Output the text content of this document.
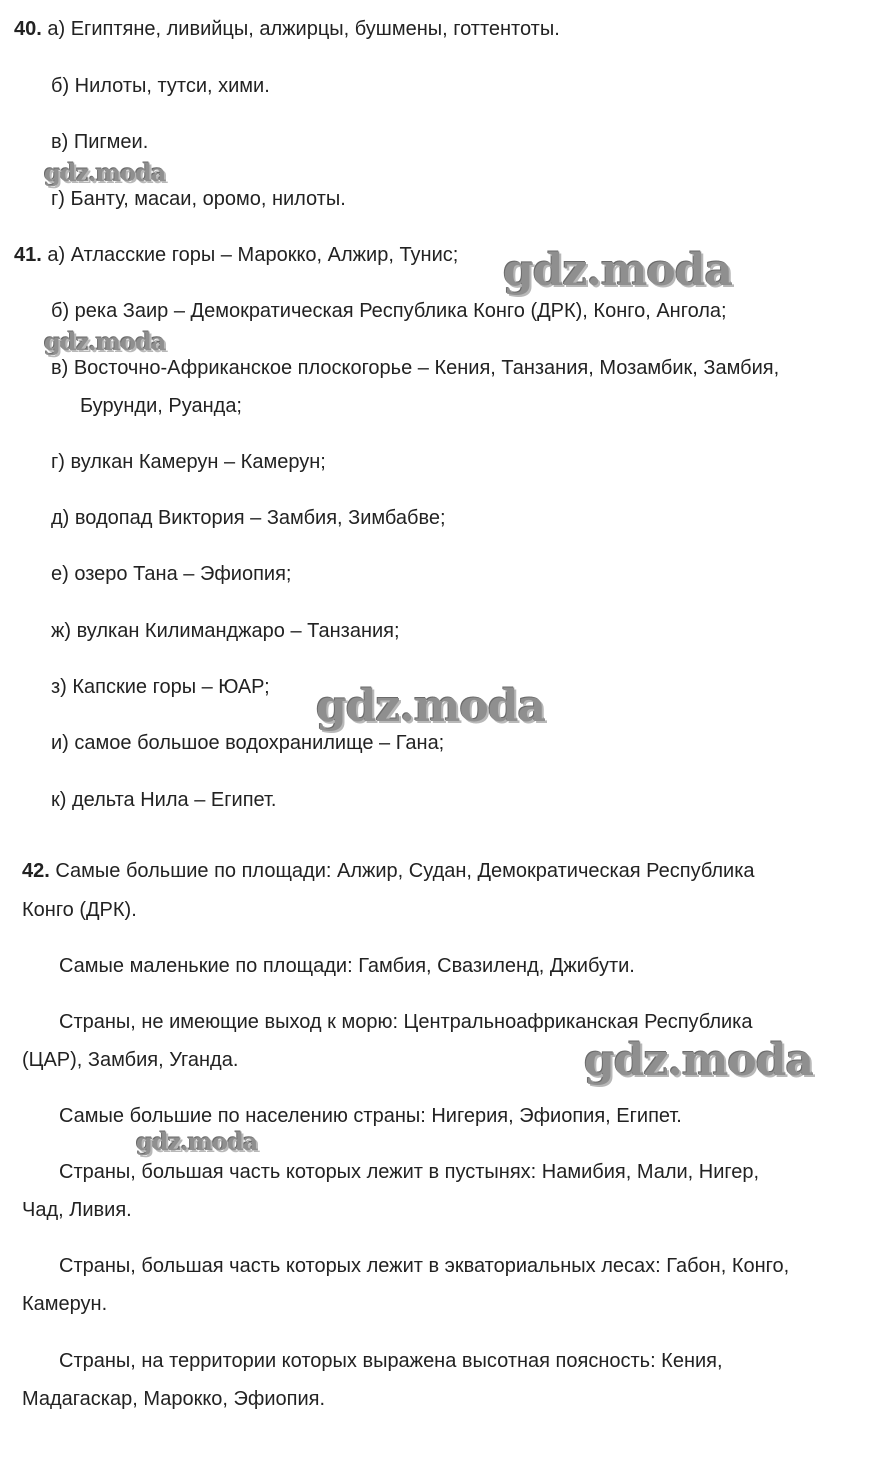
40. а) Египтяне, ливийцы, алжирцы, бушмены, готтентоты.
б) Нилоты, тутси, хими.
в) Пигмеи.
г) Банту, масаи, оромо, нилоты.
41. а) Атласские горы – Марокко, Алжир, Тунис;
б) река Заир – Демократическая Республика Конго (ДРК), Конго, Ангола;
в) Восточно-Африканское плоскогорье – Кения, Танзания, Мозамбик, Замбия,
Бурунди, Руанда;
г) вулкан Камерун – Камерун;
д) водопад Виктория – Замбия, Зимбабве;
е) озеро Тана – Эфиопия;
ж) вулкан Килиманджаро – Танзания;
з) Капские горы – ЮАР;
и) самое большое водохранилище – Гана;
к) дельта Нила – Египет.
42. Самые большие по площади: Алжир, Судан, Демократическая Республика
Конго (ДРК).
Самые маленькие по площади: Гамбия, Свазиленд, Джибути.
Страны, не имеющие выход к морю: Центральноафриканская Республика
(ЦАР), Замбия, Уганда.
Самые большие по населению страны: Нигерия, Эфиопия, Египет.
Страны, большая часть которых лежит в пустынях: Намибия, Мали, Нигер,
Чад, Ливия.
Страны, большая часть которых лежит в экваториальных лесах: Габон, Конго,
Камерун.
Страны, на территории которых выражена высотная поясность: Кения,
Мадагаскар, Марокко, Эфиопия.
gdz.moda
gdz.moda
gdz.moda
gdz.moda
gdz.moda
gdz.moda
